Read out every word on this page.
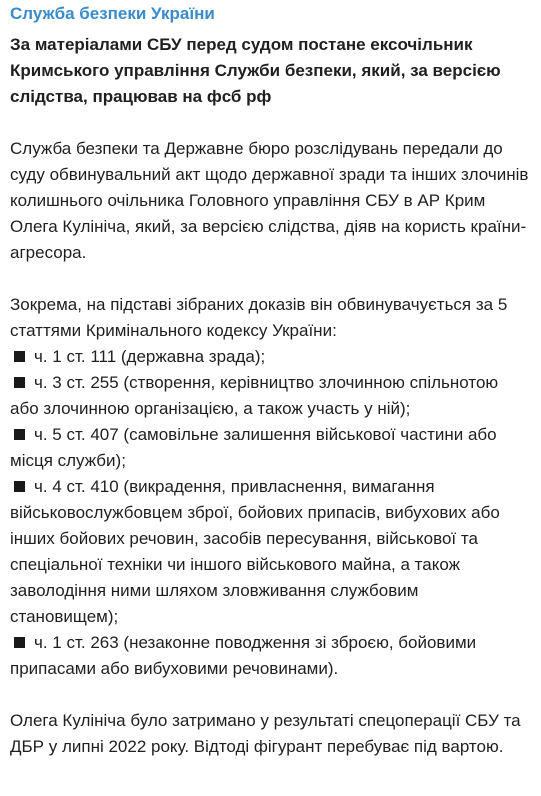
Служба безпеки України

За матеріалами СБУ перед судом постане ексочільник Кримського управління Служби безпеки, який, за версією слідства, працював на фсб рф

Служба безпеки та Державне бюро розслідувань передали до суду обвинувальний акт щодо державної зради та інших злочинів колишнього очільника Головного управління СБУ в АР Крим Олега Кулініча, який, за версією слідства, діяв на користь країни-агресора.

Зокрема, на підставі зібраних доказів він обвинувачується за 5 статтями Кримінального кодексу України:

ч. 1 ст. 111 (державна зрада);
ч. 3 ст. 255 (створення, керівництво злочинною спільнотою або злочинною організацією, а також участь у ній);
ч. 5 ст. 407 (самовільне залишення військової частини або місця служби);
ч. 4 ст. 410 (викрадення, привласнення, вимагання військовослужбовцем зброї, бойових припасів, вибухових або інших бойових речовин, засобів пересування, військової та спеціальної техніки чи іншого військового майна, а також заволодіння ними шляхом зловживання службовим становищем);
ч. 1 ст. 263 (незаконне поводження зі зброєю, бойовими припасами або вибуховими речовинами).

Олега Кулініча було затримано у результаті спецоперації СБУ та ДБР у липні 2022 року. Відтоді фігурант перебуває під вартою.
